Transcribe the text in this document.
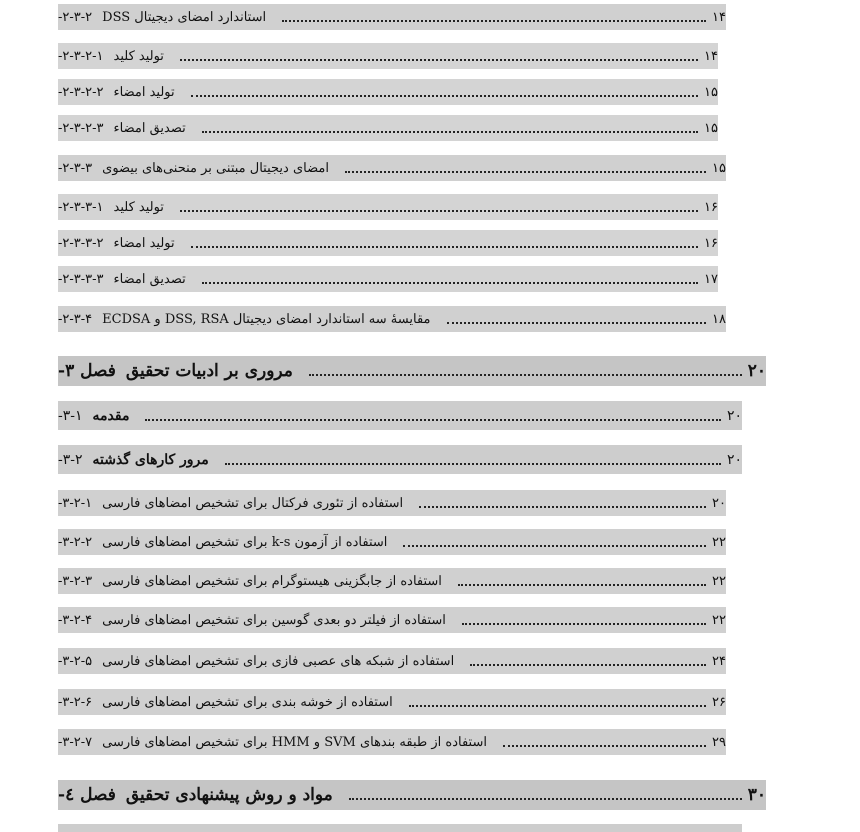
۲-۳-۲- استاندارد امضای دیجیتال DSS	۱۴
۲-۳-۲-۱- تولید کلید	۱۴
۲-۳-۲-۲- تولید امضاء	۱۵
۲-۳-۲-۳- تصدیق امضاء	۱۵
۲-۳-۳- امضای دیجیتال مبتنی بر منحنی‌های بیضوی	۱۵
۲-۳-۳-۱- تولید کلید	۱۶
۲-۳-۳-۲- تولید امضاء	۱۶
۲-۳-۳-۳- تصدیق امضاء	۱۷
۲-۳-۴- مقایسهٔ سه استاندارد امضای دیجیتال DSS, RSA و ECDSA	۱۸
فصل ۳- مروری بر ادبیات تحقیق	۲۰
۳-۱- مقدمه	۲۰
۳-۲- مرور کارهای گذشته	۲۰
۳-۲-۱- استفاده از تئوری فرکتال برای تشخیص امضاهای فارسی	۲۰
۳-۲-۲- استفاده از آزمون k-s برای تشخیص امضاهای فارسی	۲۲
۳-۲-۳- استفاده از جابگزینی هیستوگرام برای تشخیص امضاهای فارسی	۲۲
۳-۲-۴- استفاده از فیلتر دو بعدی گوسین برای تشخیص امضاهای فارسی	۲۲
۳-۲-۵- استفاده از شبکه های عصبی فازی برای تشخیص امضاهای فارسی	۲۴
۳-۲-۶- استفاده از خوشه بندی برای تشخیص امضاهای فارسی	۲۶
۳-۲-۷- استفاده از طبقه بندهای SVM و HMM برای تشخیص امضاهای فارسی	۲۹
فصل ٤- مواد و روش پیشنهادی تحقیق	۳۰
